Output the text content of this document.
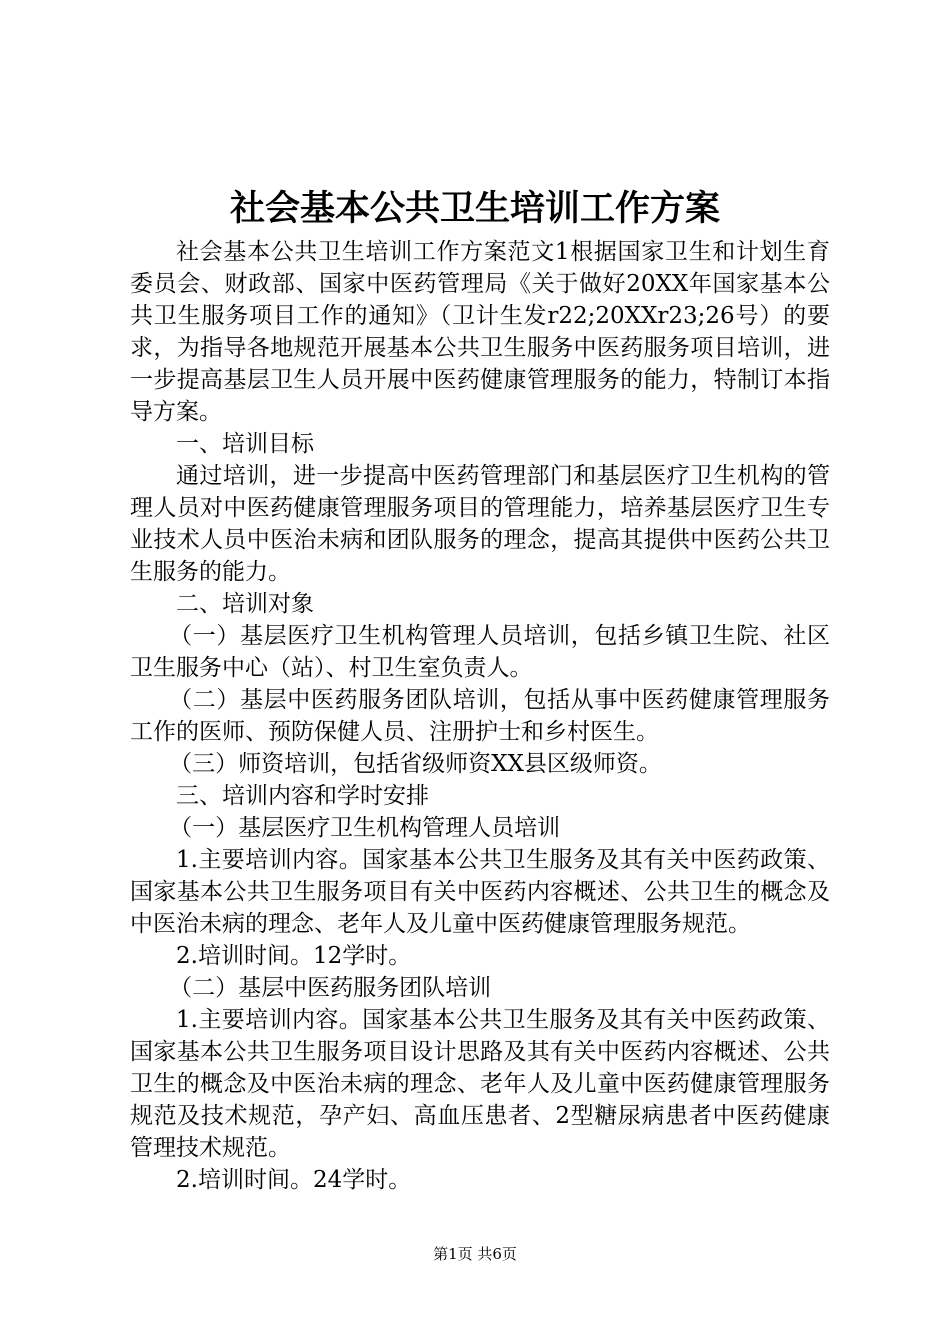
社会基本公共卫生培训工作方案

社会基本公共卫生培训工作方案范文1根据国家卫生和计划生育委员会、财政部、国家中医药管理局《关于做好20XX年国家基本公共卫生服务项目工作的通知》（卫计生发r22;20XXr23;26号）的要求，为指导各地规范开展基本公共卫生服务中医药服务项目培训，进一步提高基层卫生人员开展中医药健康管理服务的能力，特制订本指导方案。

一、培训目标

通过培训，进一步提高中医药管理部门和基层医疗卫生机构的管理人员对中医药健康管理服务项目的管理能力，培养基层医疗卫生专业技术人员中医治未病和团队服务的理念，提高其提供中医药公共卫生服务的能力。

二、培训对象

（一）基层医疗卫生机构管理人员培训，包括乡镇卫生院、社区卫生服务中心（站）、村卫生室负责人。

（二）基层中医药服务团队培训，包括从事中医药健康管理服务工作的医师、预防保健人员、注册护士和乡村医生。

（三）师资培训，包括省级师资XX县区级师资。

三、培训内容和学时安排

（一）基层医疗卫生机构管理人员培训

1.主要培训内容。国家基本公共卫生服务及其有关中医药政策、国家基本公共卫生服务项目有关中医药内容概述、公共卫生的概念及中医治未病的理念、老年人及儿童中医药健康管理服务规范。

2.培训时间。12学时。

（二）基层中医药服务团队培训

1.主要培训内容。国家基本公共卫生服务及其有关中医药政策、国家基本公共卫生服务项目设计思路及其有关中医药内容概述、公共卫生的概念及中医治未病的理念、老年人及儿童中医药健康管理服务规范及技术规范，孕产妇、高血压患者、2型糖尿病患者中医药健康管理技术规范。

2.培训时间。24学时。

第1页 共6页
